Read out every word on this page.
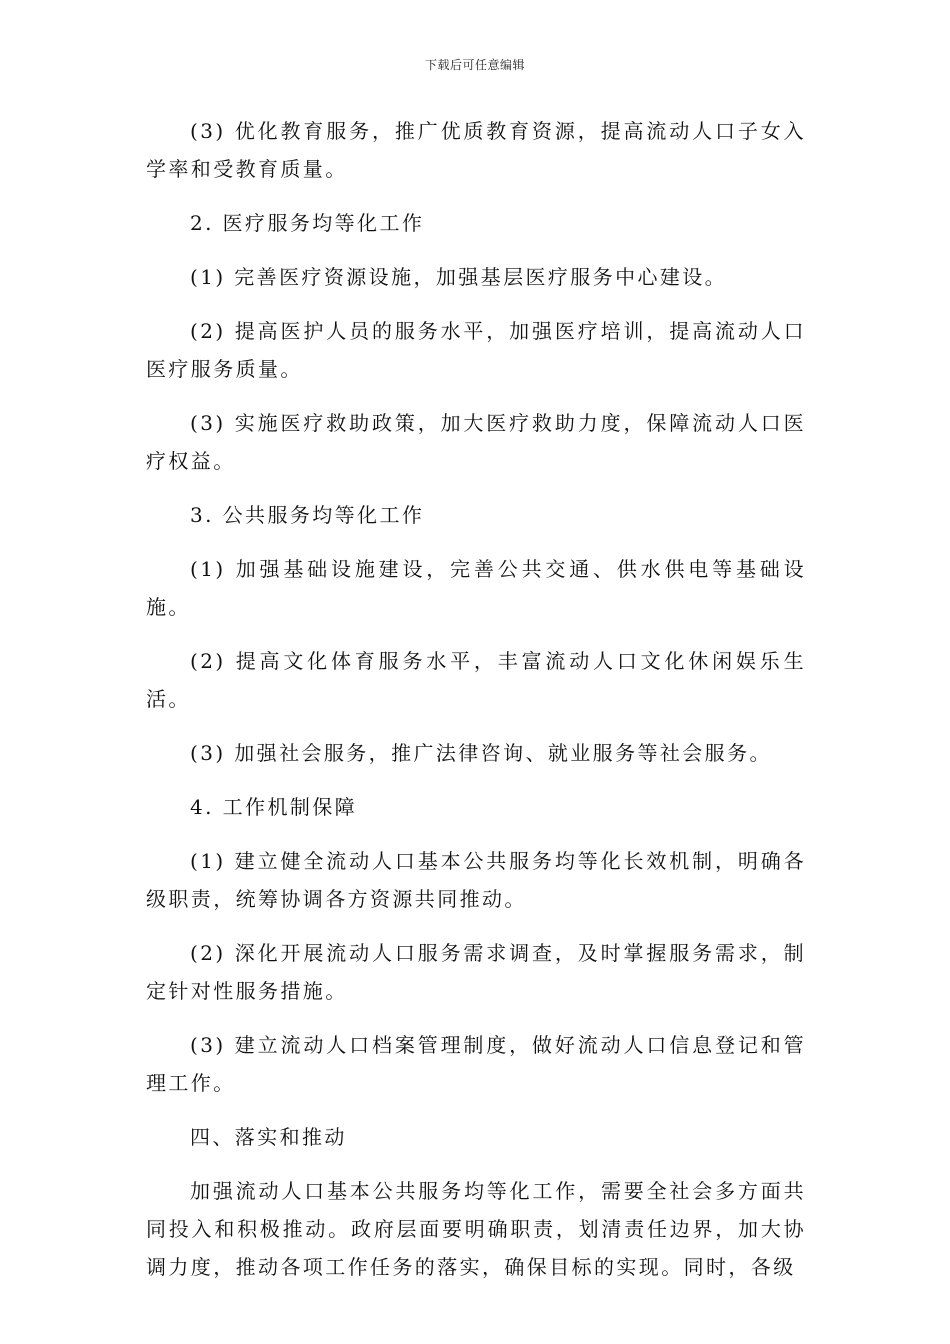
下载后可任意编辑

(3) 优化教育服务，推广优质教育资源，提高流动人口子女入学率和受教育质量。

2. 医疗服务均等化工作

(1) 完善医疗资源设施，加强基层医疗服务中心建设。

(2) 提高医护人员的服务水平，加强医疗培训，提高流动人口医疗服务质量。

(3) 实施医疗救助政策，加大医疗救助力度，保障流动人口医疗权益。

3. 公共服务均等化工作

(1) 加强基础设施建设，完善公共交通、供水供电等基础设施。

(2) 提高文化体育服务水平，丰富流动人口文化休闲娱乐生活。

(3) 加强社会服务，推广法律咨询、就业服务等社会服务。

4. 工作机制保障

(1) 建立健全流动人口基本公共服务均等化长效机制，明确各级职责，统筹协调各方资源共同推动。

(2) 深化开展流动人口服务需求调查，及时掌握服务需求，制定针对性服务措施。

(3) 建立流动人口档案管理制度，做好流动人口信息登记和管理工作。

四、落实和推动

加强流动人口基本公共服务均等化工作，需要全社会多方面共同投入和积极推动。政府层面要明确职责，划清责任边界，加大协调力度，推动各项工作任务的落实，确保目标的实现。同时，各级
